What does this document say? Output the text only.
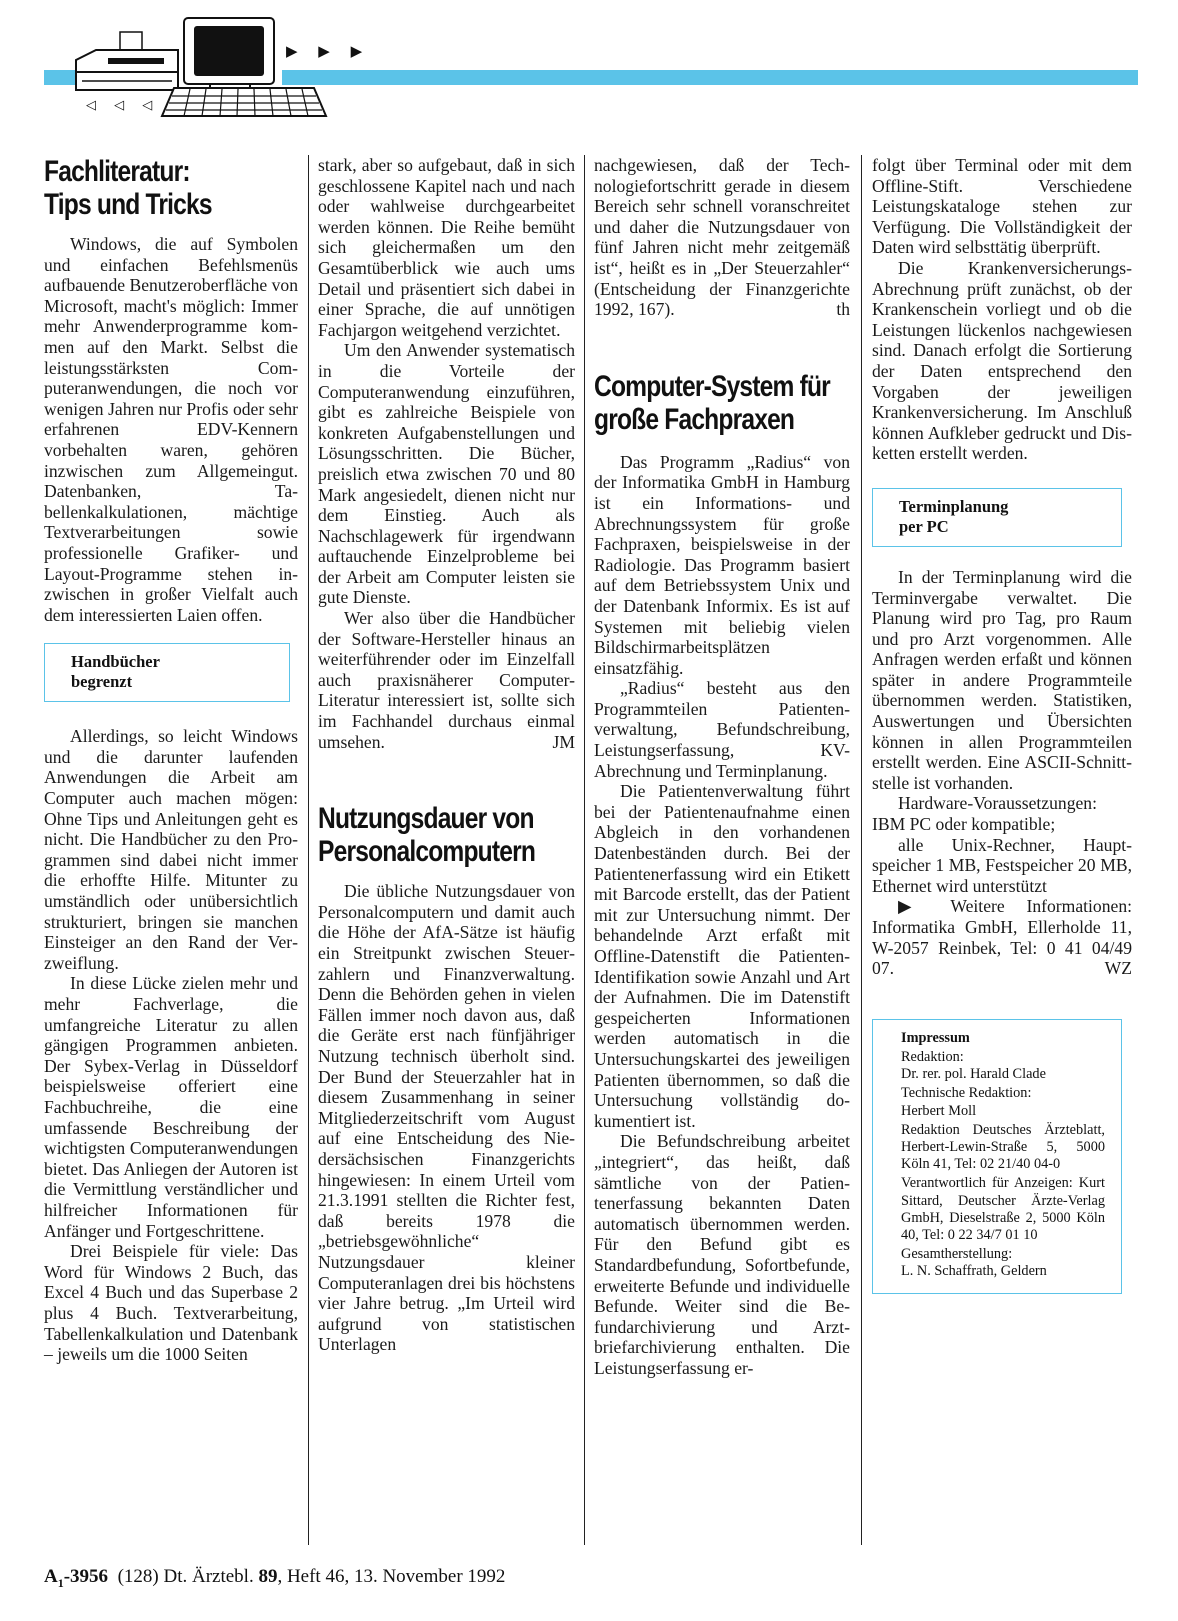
▶ ▶ ▶
◁ ◁ ◁
Fachliteratur:
Tips und Tricks

Windows, die auf Symbolen und einfachen Befehlsmenüs aufbauende Benutzeroberfläche von Microsoft, macht's möglich: Immer mehr Anwenderprogramme kommen auf den Markt. Selbst die leistungsstärksten Computeranwendungen, die noch vor wenigen Jahren nur Profis oder sehr erfahrenen EDV-Kennern vorbehalten waren, gehören inzwischen zum Allgemeingut. Datenbanken, Tabellenkalkulationen, mächtige Textverarbeitungen sowie professionelle Grafiker- und Layout-Programme stehen inzwischen in großer Vielfalt auch dem interessierten Laien offen.

Handbücher
begrenzt

Allerdings, so leicht Windows und die darunter laufenden Anwendungen die Arbeit am Computer auch machen mögen: Ohne Tips und Anleitungen geht es nicht. Die Handbücher zu den Programmen sind dabei nicht immer die erhoffte Hilfe. Mitunter zu umständlich oder unübersichtlich strukturiert, bringen sie manchen Einsteiger an den Rand der Verzweiflung.

In diese Lücke zielen mehr und mehr Fachverlage, die umfangreiche Literatur zu allen gängigen Programmen anbieten. Der Sybex-Verlag in Düsseldorf beispielsweise offeriert eine Fachbuchreihe, die eine umfassende Beschreibung der wichtigsten Computeranwendungen bietet. Das Anliegen der Autoren ist die Vermittlung verständlicher und hilfreicher Informationen für Anfänger und Fortgeschrittene.

Drei Beispiele für viele: Das Word für Windows 2 Buch, das Excel 4 Buch und das Superbase 2 plus 4 Buch. Textverarbeitung, Tabellenkalkulation und Datenbank – jeweils um die 1000 Seiten

stark, aber so aufgebaut, daß in sich geschlossene Kapitel nach und nach oder wahlweise durchgearbeitet werden können. Die Reihe bemüht sich gleichermaßen um den Gesamtüberblick wie auch ums Detail und präsentiert sich dabei in einer Sprache, die auf unnötigen Fachjargon weitgehend verzichtet.

Um den Anwender systematisch in die Vorteile der Computeranwendung einzuführen, gibt es zahlreiche Beispiele von konkreten Aufgabenstellungen und Lösungsschritten. Die Bücher, preislich etwa zwischen 70 und 80 Mark angesiedelt, dienen nicht nur dem Einstieg. Auch als Nachschlagewerk für irgendwann auftauchende Einzelprobleme bei der Arbeit am Computer leisten sie gute Dienste.

Wer also über die Handbücher der Software-Hersteller hinaus an weiterführender oder im Einzelfall auch praxisnäherer Computer-Literatur interessiert ist, sollte sich im Fachhandel durchaus einmal umsehen.	JM

Nutzungsdauer von
Personalcomputern

Die übliche Nutzungsdauer von Personalcomputern und damit auch die Höhe der AfA-Sätze ist häufig ein Streitpunkt zwischen Steuerzahlern und Finanzverwaltung. Denn die Behörden gehen in vielen Fällen immer noch davon aus, daß die Geräte erst nach fünfjähriger Nutzung technisch überholt sind. Der Bund der Steuerzahler hat in diesem Zusammenhang in seiner Mitgliederzeitschrift vom August auf eine Entscheidung des Niedersächsischen Finanzgerichts hingewiesen: In einem Urteil vom 21.3.1991 stellten die Richter fest, daß bereits 1978 die „betriebsgewöhnliche“ Nutzungsdauer kleiner Computeranlagen drei bis höchstens vier Jahre betrug. „Im Urteil wird aufgrund von statistischen Unterlagen

nachgewiesen, daß der Technologiefortschritt gerade in diesem Bereich sehr schnell voranschreitet und daher die Nutzungsdauer von fünf Jahren nicht mehr zeitgemäß ist“, heißt es in „Der Steuerzahler“ (Entscheidung der Finanzgerichte 1992, 167).	th

Computer-System für
große Fachpraxen

Das Programm „Radius“ von der Informatika GmbH in Hamburg ist ein Informations- und Abrechnungssystem für große Fachpraxen, beispielsweise in der Radiologie. Das Programm basiert auf dem Betriebssystem Unix und der Datenbank Informix. Es ist auf Systemen mit beliebig vielen Bildschirmarbeitsplätzen einsatzfähig.

„Radius“ besteht aus den Programmteilen Patientenverwaltung, Befundschreibung, Leistungserfassung, KV-Abrechnung und Terminplanung.

Die Patientenverwaltung führt bei der Patientenaufnahme einen Abgleich in den vorhandenen Datenbeständen durch. Bei der Patientenerfassung wird ein Etikett mit Barcode erstellt, das der Patient mit zur Untersuchung nimmt. Der behandelnde Arzt erfaßt mit Offline-Datenstift die Patienten-Identifikation sowie Anzahl und Art der Aufnahmen. Die im Datenstift gespeicherten Informationen werden automatisch in die Untersuchungskartei des jeweiligen Patienten übernommen, so daß die Untersuchung vollständig dokumentiert ist.

Die Befundschreibung arbeitet „integriert“, das heißt, daß sämtliche von der Patientenerfassung bekannten Daten automatisch übernommen werden. Für den Befund gibt es Standardbefundung, Sofortbefunde, erweiterte Befunde und individuelle Befunde. Weiter sind die Befundarchivierung und Arztbriefarchivierung enthalten. Die Leistungserfassung er-

folgt über Terminal oder mit dem Offline-Stift. Verschiedene Leistungskataloge stehen zur Verfügung. Die Vollständigkeit der Daten wird selbsttätig überprüft.

Die Krankenversicherungs-Abrechnung prüft zunächst, ob der Krankenschein vorliegt und ob die Leistungen lückenlos nachgewiesen sind. Danach erfolgt die Sortierung der Daten entsprechend den Vorgaben der jeweiligen Krankenversicherung. Im Anschluß können Aufkleber gedruckt und Disketten erstellt werden.

Terminplanung
per PC

In der Terminplanung wird die Terminvergabe verwaltet. Die Planung wird pro Tag, pro Raum und pro Arzt vorgenommen. Alle Anfragen werden erfaßt und können später in andere Programmteile übernommen werden. Statistiken, Auswertungen und Übersichten können in allen Programmteilen erstellt werden. Eine ASCII-Schnittstelle ist vorhanden.

Hardware-Voraussetzungen: IBM PC oder kompatible;

alle Unix-Rechner, Hauptspeicher 1 MB, Festspeicher 20 MB, Ethernet wird unterstützt

▶ Weitere Informationen: Informatika GmbH, Ellerholde 11, W-2057 Reinbek, Tel: 0 41 04/49 07.	WZ

Impressum
Redaktion:
Dr. rer. pol. Harald Clade
Technische Redaktion:
Herbert Moll
Redaktion Deutsches Ärzteblatt, Herbert-Lewin-Straße 5, 5000 Köln 41, Tel: 02 21/40 04-0
Verantwortlich für Anzeigen: Kurt Sittard, Deutscher Ärzte-Verlag GmbH, Dieselstraße 2, 5000 Köln 40, Tel: 0 22 34/7 01 10
Gesamtherstellung:
L. N. Schaffrath, Geldern
$A_1-3956$ (128) Dt. Ärztebl. 89, Heft 46, 13. November 1992
